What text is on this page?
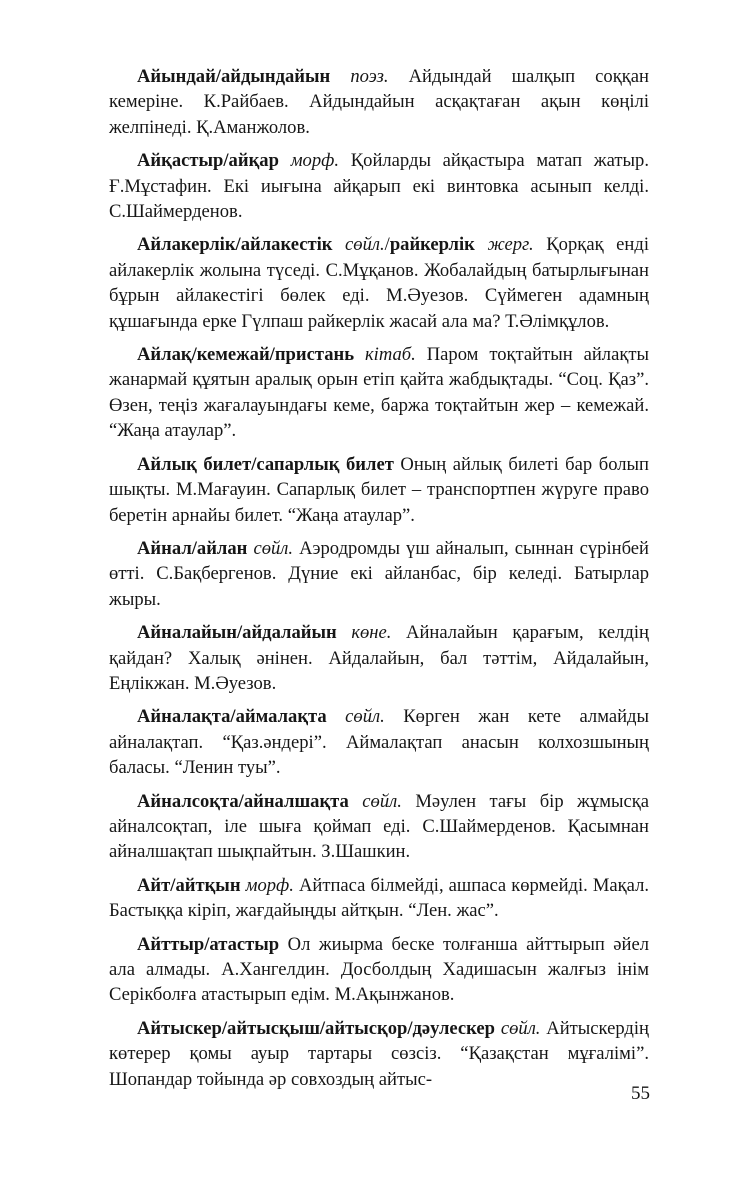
Айындай/айдындайын поэз. Айдындай шалқып соққан кемеріне. К.Райбаев. Айдындайын асқақтаған ақын көңілі желпінеді. Қ.Аманжолов.

Айқастыр/айқар морф. Қойларды айқастыра матап жатыр. Ғ.Мұстафин. Екі иығына айқарып екі винтовка асынып келді. С.Шаймерденов.

Айлакерлік/айлакестік сөйл./райкерлік жерг. Қорқақ енді айлакерлік жолына түседі. С.Мұқанов. Жобалайдың батырлығынан бұрын айлакестігі бөлек еді. М.Әуезов. Сүймеген адамның құшағында ерке Гүлпаш райкерлік жасай ала ма? Т.Әлімқұлов.

Айлақ/кемежай/пристань кітаб. Паром тоқтайтын айлақты жанармай құятын аралық орын етіп қайта жабдықтады. “Соц. Қаз”. Өзен, теңіз жағалауындағы кеме, баржа тоқтайтын жер – кемежай. “Жаңа атаулар”.

Айлық билет/сапарлық билет Оның айлық билеті бар болып шықты. М.Мағауин. Сапарлық билет – транспортпен жүруге право беретін арнайы билет. “Жаңа атаулар”.

Айнал/айлан сөйл. Аэродромды үш айналып, сыннан сүрінбей өтті. С.Бақбергенов. Дүние екі айланбас, бір келеді. Батырлар жыры.

Айналайын/айдалайын көне. Айналайын қарағым, келдің қайдан? Халық әнінен. Айдалайын, бал тәттім, Айдалайын, Еңлікжан. М.Әуезов.

Айналақта/аймалақта сөйл. Көрген жан кете алмайды айналақтап. “Қаз.әндері”. Аймалақтап анасын колхозшының баласы. “Ленин туы”.

Айналсоқта/айналшақта сөйл. Мәулен тағы бір жұмысқа айналсоқтап, іле шыға қоймап еді. С.Шаймерденов. Қасымнан айналшақтап шықпайтын. З.Шашкин.

Айт/айтқын морф. Айтпаса білмейді, ашпаса көрмейді. Мақал. Бастыққа кіріп, жағдайыңды айтқын. “Лен. жас”.

Айттыр/атастыр Ол жиырма беске толғанша айттырып әйел ала алмады. А.Хангелдин. Досболдың Хадишасын жалғыз інім Серікболға атастырып едім. М.Ақынжанов.

Айтыскер/айтысқыш/айтысқор/дәулескер сөйл. Айтыскердің көтерер қомы ауыр тартары сөзсіз. “Қазақстан мұғалімі”. Шопандар тойында әр совхоздың айтыс-

55
